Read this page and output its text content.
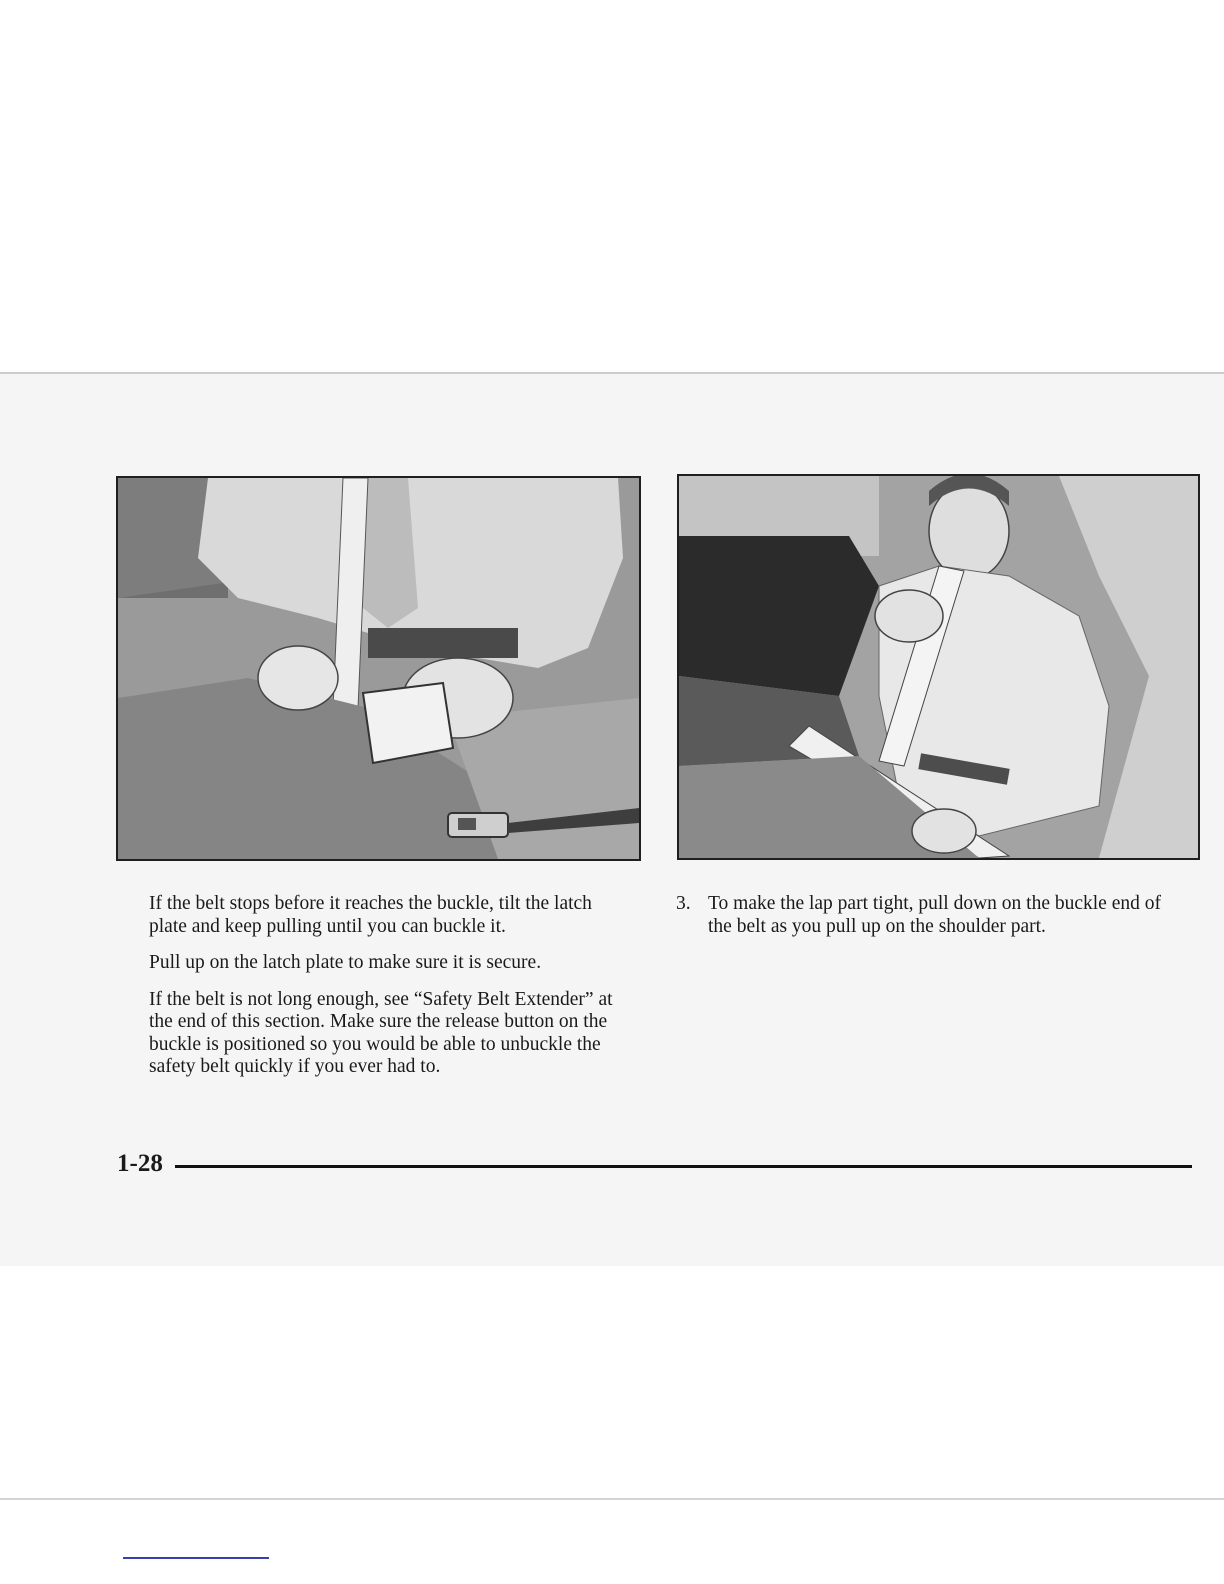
If the belt stops before it reaches the buckle, tilt the latch plate and keep pulling until you can buckle it.

Pull up on the latch plate to make sure it is secure.

If the belt is not long enough, see “Safety Belt Extender” at the end of this section. Make sure the release button on the buckle is positioned so you would be able to unbuckle the safety belt quickly if you ever had to.

3. To make the lap part tight, pull down on the buckle end of the belt as you pull up on the shoulder part.
1-28
